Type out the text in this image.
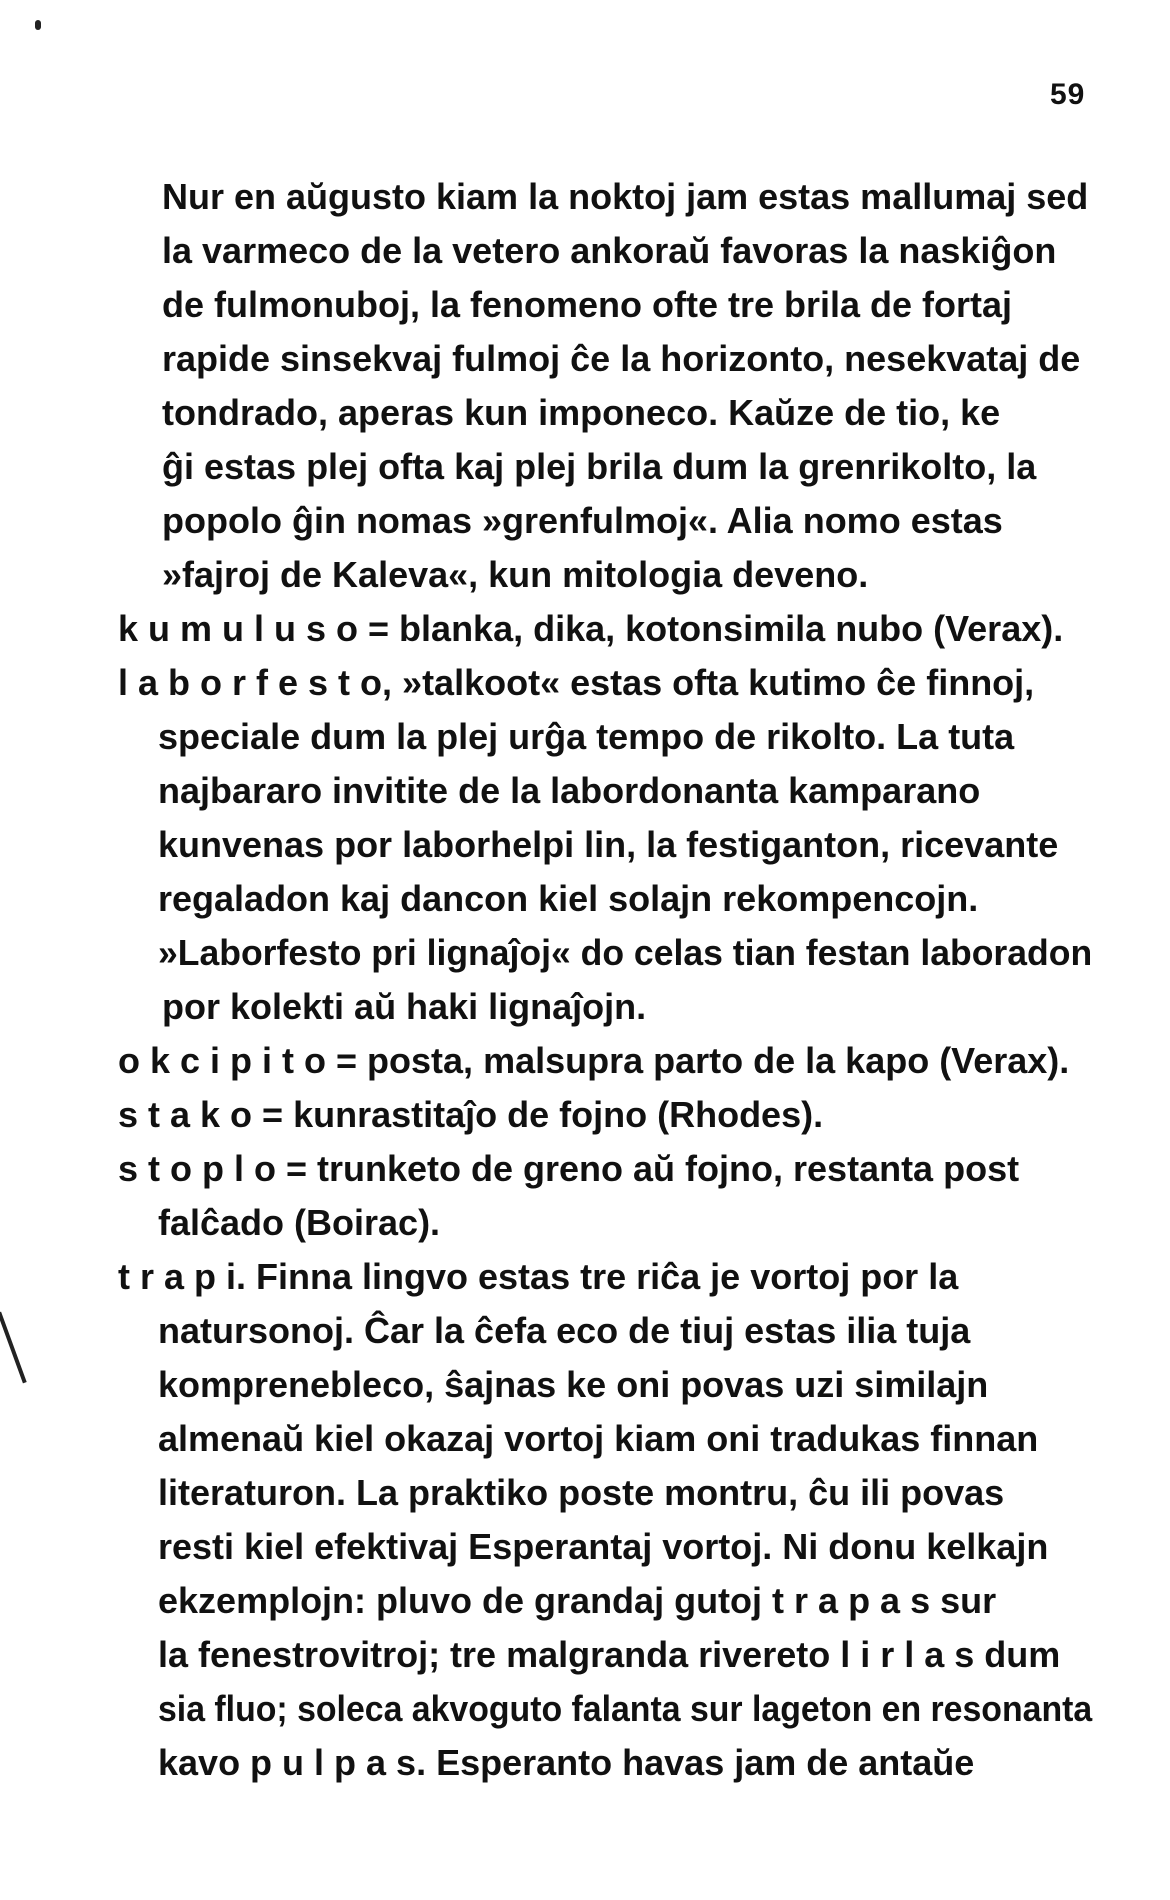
59
Nur en aŭgusto kiam la noktoj jam estas mallumaj sed
la varmeco de la vetero ankoraŭ favoras la naskiĝon
de fulmonuboj, la fenomeno ofte tre brila de fortaj
rapide sinsekvaj fulmoj ĉe la horizonto, nesekvataj de
tondrado, aperas kun imponeco. Kaŭze de tio, ke
ĝi estas plej ofta kaj plej brila dum la grenrikolto, la
popolo ĝin nomas »grenfulmoj«. Alia nomo estas
»fajroj de Kaleva«, kun mitologia deveno.
k u m u l u s o = blanka, dika, kotonsimila nubo (Verax).
l a b o r f e s t o, »talkoot« estas ofta kutimo ĉe finnoj,
speciale dum la plej urĝa tempo de rikolto. La tuta
najbararo invitite de la labordonanta kamparano
kunvenas por laborhelpi lin, la festiganton, ricevante
regaladon kaj dancon kiel solajn rekompencojn.
»Laborfesto pri lignaĵoj« do celas tian festan laboradon
por kolekti aŭ haki lignaĵojn.
o k c i p i t o = posta, malsupra parto de la kapo (Verax).
s t a k o = kunrastitaĵo de fojno (Rhodes).
s t o p l o = trunketo de greno aŭ fojno, restanta post
falĉado (Boirac).
t r a p i. Finna lingvo estas tre riĉa je vortoj por la
natursonoj. Ĉar la ĉefa eco de tiuj estas ilia tuja
komprenebleco, ŝajnas ke oni povas uzi similajn
almenaŭ kiel okazaj vortoj kiam oni tradukas finnan
literaturon. La praktiko poste montru, ĉu ili povas
resti kiel efektivaj Esperantaj vortoj. Ni donu kelkajn
ekzemplojn: pluvo de grandaj gutoj t r a p a s sur
la fenestrovitroj; tre malgranda rivereto l i r l a s dum
sia fluo; soleca akvoguto falanta sur lageton en resonanta
kavo p u l p a s. Esperanto havas jam de antaŭe
